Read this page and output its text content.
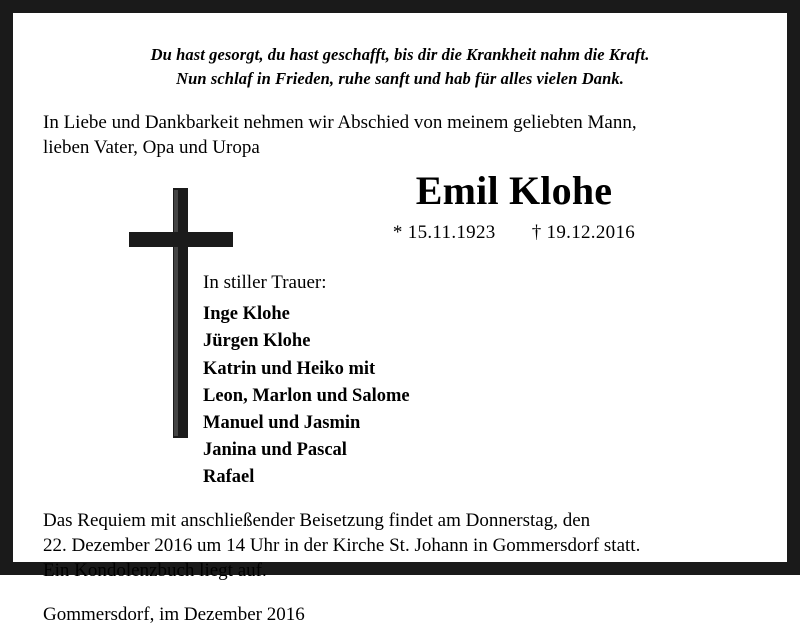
Du hast gesorgt, du hast geschafft, bis dir die Krankheit nahm die Kraft.
Nun schlaf in Frieden, ruhe sanft und hab für alles vielen Dank.
In Liebe und Dankbarkeit nehmen wir Abschied von meinem geliebten Mann,
lieben Vater, Opa und Uropa
Emil Klohe
* 15.11.1923 † 19.12.2016
In stiller Trauer:
Inge Klohe
Jürgen Klohe
Katrin und Heiko mit
Leon, Marlon und Salome
Manuel und Jasmin
Janina und Pascal
Rafael
Das Requiem mit anschließender Beisetzung findet am Donnerstag, den
22. Dezember 2016 um 14 Uhr in der Kirche St. Johann in Gommersdorf statt.
Ein Kondolenzbuch liegt auf.
Gommersdorf, im Dezember 2016
